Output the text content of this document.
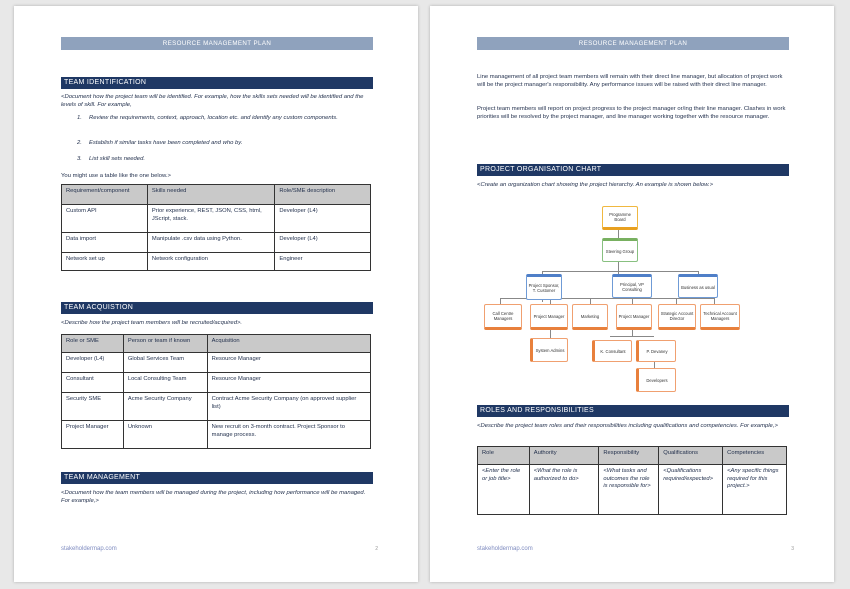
RESOURCE MANAGEMENT PLAN
TEAM IDENTIFICATION
<Document how the project team will be identified. For example, how the skills sets needed will be identified and the levels of skill. For example,
1.	Review the requirements, context, approach, location etc. and identify any custom components.
2.	Establish if similar tasks have been completed and who by.
3.	List skill sets needed.
You might use a table like the one below.>
Requirement/component	Skills needed	Role/SME description
Custom API	Prior experience, REST, JSON, CSS, html, JScript, stack.	Developer (L4)
Data import	Manipulate .csv data using Python.	Developer (L4)
Network set up	Network configuration	Engineer
TEAM ACQUISTION
<Describe how the project team members will be recruited/acquired>.
Role or SME	Person or team if known	Acquisition
Developer (L4)	Global Services Team	Resource Manager
Consultant	Local Consulting Team	Resource Manager
Security SME	Acme Security Company	Contract Acme Security Company (on approved supplier list)
Project Manager	Unknown	New recruit on 3-month contract. Project Sponsor to manage process.
TEAM MANAGEMENT
<Document how the team members will be managed during the project, including how performance will be managed. For example,>
stakeholdermap.com	2
RESOURCE MANAGEMENT PLAN
Line management of all project team members will remain with their direct line manager, but allocation of project work will be the project manager's responsibility. Any performance issues will be raised with their direct line manager.
Project team members will report on project progress to the project manager or/ing their line manager. Clashes in work priorities will be resolved by the project manager, and line manager working together with the resource manager.
PROJECT ORGANISATION CHART
<Create an organization chart showing the project hierarchy. An example is shown below.>
Programme Board
Steering Group
Project Sponsor, T. Customer
Principal, VP Consulting	Business as usual
Call Centre Managers	Project Manager	Marketing	Project Manager	Strategic Account Director
Technical Account Managers
System Admins	K. Consultant	P. Devaney
Developers
ROLES AND RESPONSIBILITIES
<Describe the project team roles and their responsibilities including qualifications and competencies. For example,>
Role	Authority	Responsibility	Qualifications	Competencies
<Enter the role or job title>	<What the role is authorized to do>	<What tasks and outcomes the role is responsible for>	<Qualifications required/expected>	<Any specific things required for this project.>
stakeholdermap.com	3
